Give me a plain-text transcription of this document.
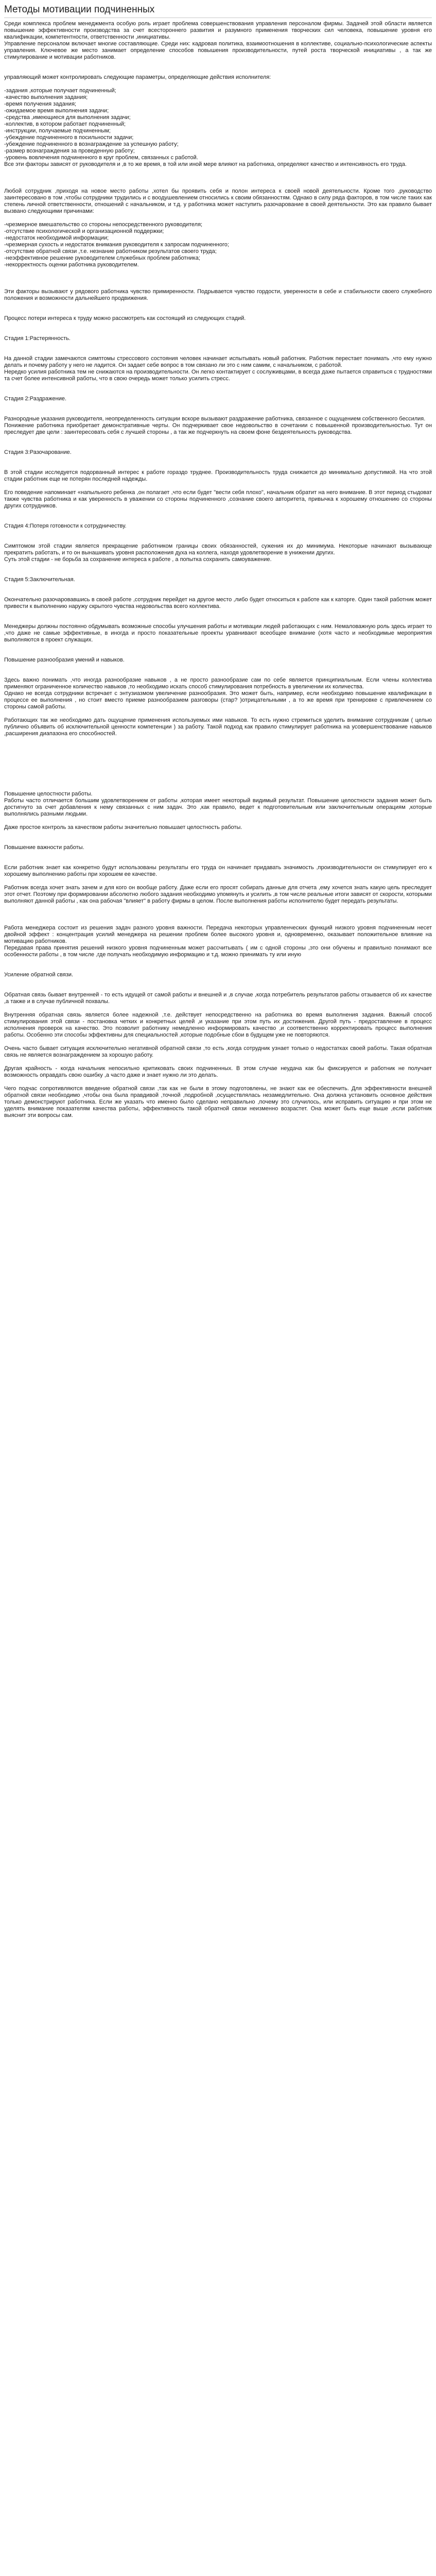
Методы мотивации подчиненных

Среди комплекса проблем менеджмента особую роль играет проблема совершенствования управления персоналом фирмы. Задачей этой области является повышение эффективности производства за счет всестороннего развития и разумного применения творческих сил человека, повышение уровня его квалификации, компетентности, ответственности ,инициативы.

Управление персоналом включает многие составляющие. Среди них: кадровая политика, взаимоотношения в коллективе, социально-психологические аспекты управления. Ключевое же место занимает определение способов повышения производительности, путей роста творческой инициативы , а так же стимулирование и мотивации работников.

управляющий может контролировать следующие параметры, определяющие действия исполнителя:

-задания ,которые получает подчиненный;

-качество выполнения задания;

-время получения задания;

-ожидаемое время выполнения задачи;

-средства ,имеющиеся для выполнения задачи;

-коллектив, в котором работает подчиненный;

-инструкции, получаемые подчиненным;

-убеждение подчиненного в посильности задачи;

-убеждение подчиненного в вознаграждение за успешную работу;

-размер вознаграждения за проведенную работу;

-уровень вовлечения подчиненного в круг проблем, связанных с работой.

Все эти факторы зависят от руководителя и ,в то же время, в той или иной мере влияют на работника, определяют качество и интенсивность его труда.

Любой сотрудник ,приходя на новое место работы ,хотел бы проявить себя и полон интереса к своей новой деятельности. Кроме того ,руководство заинтересовано в том ,чтобы сотрудники трудились и с воодушевлением относились к своим обязанностям. Однако в силу ряда факторов, в том числе таких как степень личной ответственности, отношений с начальником, и т.д. у работника может наступить разочарование в своей деятельности. Это как правило бывает вызвано следующими причинами:

-чрезмерное вмешательство со стороны непосредственного руководителя;

-отсутствие психологической и организационной поддержки;

-недостаток необходимой информации;

-чрезмерная сухость и недостаток внимания руководителя к запросам подчиненного;

-отсутствие обратной связи ,т.е. незнание работником результатов своего труда;

-неэффективное решение руководителем служебных проблем работника;

-некорректность оценки работника руководителем.

Эти факторы вызывают у рядового работника чувство примиренности. Подрывается чувство гордости, уверенности в себе и стабильности своего служебного положения и возможности дальнейшего продвижения.

Процесс потери интереса к труду можно рассмотреть как состоящий из следующих стадий.

Стадия 1:Растерянность.

На данной стадии замечаются симптомы стрессового состояния человек начинает испытывать новый работник. Работник перестает понимать ,что ему нужно делать и почему работу у него не ладится. Он задает себе вопрос в том связано ли это с ним самим, с начальником, с работой.

Нередко усилия работника тем не снижаются на производительности. Он легко контактирует с сослуживцами, в всегда даже пытается справиться с трудностями та счет более интенсивной работы, что в свою очередь может только усилить стресс.

Стадия 2:Раздражение.

Разнородные указания руководителя, неопределенность ситуации вскоре вызывают раздражение работника, связанное с ощущением собственного бессилия.

Понижение работника приобретает демонстративные черты. Он подчеркивает свое недовольство в сочетании с повышенной производительностью. Тут он преследует две цели : заинтересовать себя с лучшей стороны , а так же подчеркнуть на своем фоне бездеятельность руководства.

Стадия 3:Разочарование.

В этой стадии исследуется подорванный интерес к работе гораздо труднее. Производительность труда снижается до минимально допустимой. На что этой стадии работник еще не потерян последней надежды.

Его поведение напоминает «напыльного ребенка ,он полагает ,что если будет "вести себя плохо", начальник обратит на него внимание. В этот период стыдоват также чувства работника и как уверенность в уважении со стороны подчиненного ,сознание своего авторитета, привычка к хорошему отношению со стороны других сотрудников.

Стадия 4:Потеря готовности к сотрудничеству.

Симптомом этой стадии является прекращение работником границы своих обязанностей, сужения их до минимума. Некоторые начинают вызывающе прекратить работать, и то он вынашивать уровня расположения духа на коллега, находя удовлетворение в унижении других.

Суть этой стадии - не борьба за сохранение интереса к работе , а попытка сохранить самоуважение.

Стадия 5:Заключительная.

Окончательно разочаровавшись в своей работе ,сотрудник перейдет на другое место ,либо будет относиться к работе как к каторге. Один такой работник может привести к выполнению наружу скрытого чувства недовольства всего коллектива.

Менеджеры должны постоянно обдумывать возможные способы улучшения работы и мотивации людей работающих с ним. Немаловажную роль здесь играет то ,что даже не самые эффективные, в иногда и просто показательные проекты уравнивают всеобщее внимание (хотя часто и необходимые мероприятия выполняются в проект служащих.

Повышение разнообразия умений и навыков.

Здесь важно понимать ,что иногда разнообразие навыков , а не просто разнообразие сам по себе является принципиальным. Если члены коллектива применяют ограниченное количество навыков ,то необходимо искать способ стимулирования потребность в увеличении их количества.

Однако не всегда сотрудники встречает с энтузиазмом увеличение разнообразия. Это может быть, например, если необходимо повышение квалификации в процессе ее выполнения , но стоит вместо приеме разнообразием разговоры (стар? )отрицательными , а то же время при тренировке с привлечением со стороны самой работы.

Работающих так же необходимо дать ощущение применения используемых ими навыков. То есть нужно стремиться уделить внимание сотрудникам ( целью публично объявить об исключительной ценности компетенции ) за работу. Такой подход как правило стимулирует работника на усовершенствование навыков ,расширения диапазона его способностей.

Повышение целостности работы.

Работы часто отличается большим удовлетворением от работы ,которая имеет некоторый видимый результат. Повышение целостности задания может быть достигнуто за счет добавления к нему связанных с ним задач. Это ,как правило, ведет к подготовительным или заключительным операциям ,которые выполнялись разными людьми.

Даже простое контроль за качеством работы значительно повышает целостность работы.

Повышение важности работы.

Если работник знает как конкретно будут использованы результаты его труда он начинает придавать значимость ,производительности он стимулирует его к хорошему выполнению работы при хорошем ее качестве.

Работник всегда хочет знать зачем и для кого он вообще работу. Даже если его просят собирать данные для отчета ,ему хочется знать какую цель преследует этот отчет. Поэтому при формировании абсолютно любого задания необходимо упомянуть и усилить ,в том числе реальные итоги зависят от скорости, которыми выполняют данной работы , как она рабочая "влияет" в работу фирмы в целом. После выполнения работы исполнителю будет передать результаты.

Работа менеджера состоит из решения задач разного уровня важности. Передача некоторых управленческих функций низкого уровня подчиненным несет двойной эффект : концентрация усилий менеджера на решении проблем более высокого уровня и, одновременно, оказывает положительное влияние на мотивацию работников.

Передавая права принятия решений низкого уровня подчиненным может рассчитывать ( им с одной стороны ,это они обучены и правильно понимают все особенности работы , в том числе ,где получать необходимую информацию и т.д. можно принимать ту или иную

Усиление обратной связи.

Обратная связь бывает внутренней - то есть идущей от самой работы и внешней и ,в случае ,когда потребитель результатов работы отзывается об их качестве ,а также и в случае публичной похвалы.

Внутренняя обратная связь является более надежной ,т.е. действует непосредственно на работника во время выполнения задания. Важный способ стимулирования этой связи - постановка четких и конкретных целей ,и указание при этом путь их достижения. Другой путь - предоставление в процесс исполнения проверок на качество. Это позволит работнику немедленно информировать качество ,и соответственно корректировать процесс выполнения работы. Особенно эти способы эффективны для специальностей ,которые подобные сбои в будущем уже не повторяются.

Очень часто бывает ситуация исключительно негативной обратной связи ,то есть ,когда сотрудник узнает только о недостатках своей работы. Такая обратная связь не является вознаграждением за хорошую работу.

Другая крайность - когда начальник непосильно критиковать своих подчиненных. В этом случае неудача как бы фиксируется и работник не получает возможность оправдать свою ошибку ,а часто даже и знает нужно ли это делать.

Чего подчас сопротивляются введение обратной связи ,так как не были в этому подготовлены, не знают как ее обеспечить. Для эффективности внешней обратной связи необходимо ,чтобы она была правдивой ,точной ,подробной ,осуществлялась незамедлительно. Она должна установить основное действия только демонстрируют работника. Если же указать что именно было сделано неправильно ,почему это случилось, или исправить ситуацию и при этом не уделять внимание показателям качества работы, эффективность такой обратной связи неизменно возрастет. Она может быть еще выше ,если работник выяснит эти вопросы сам.
